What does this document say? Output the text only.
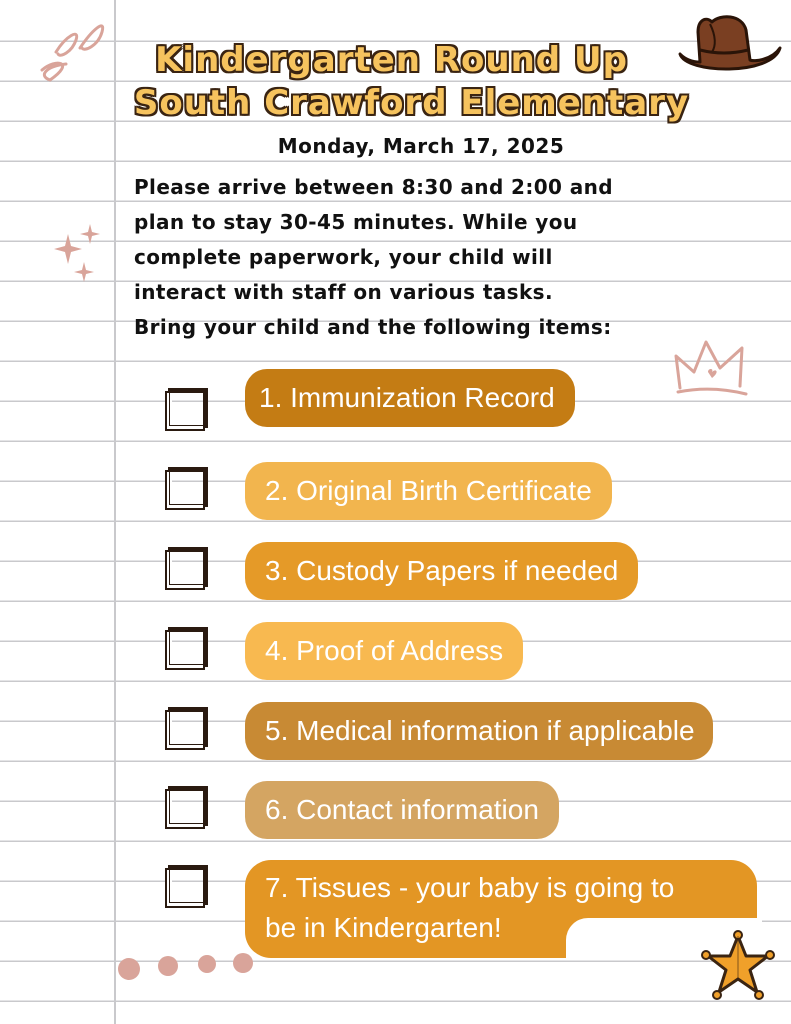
Kindergarten Round Up
South Crawford Elementary
Monday, March 17, 2025
Please arrive between 8:30 and 2:00 and
plan to stay 30-45 minutes. While you
complete paperwork, your child will
interact with staff on various tasks.
Bring your child and the following items:
1. Immunization Record
2. Original Birth Certificate
3. Custody Papers if needed
4. Proof of Address
5. Medical information if applicable
6. Contact information
7. Tissues - your baby is going to
be in Kindergarten!
